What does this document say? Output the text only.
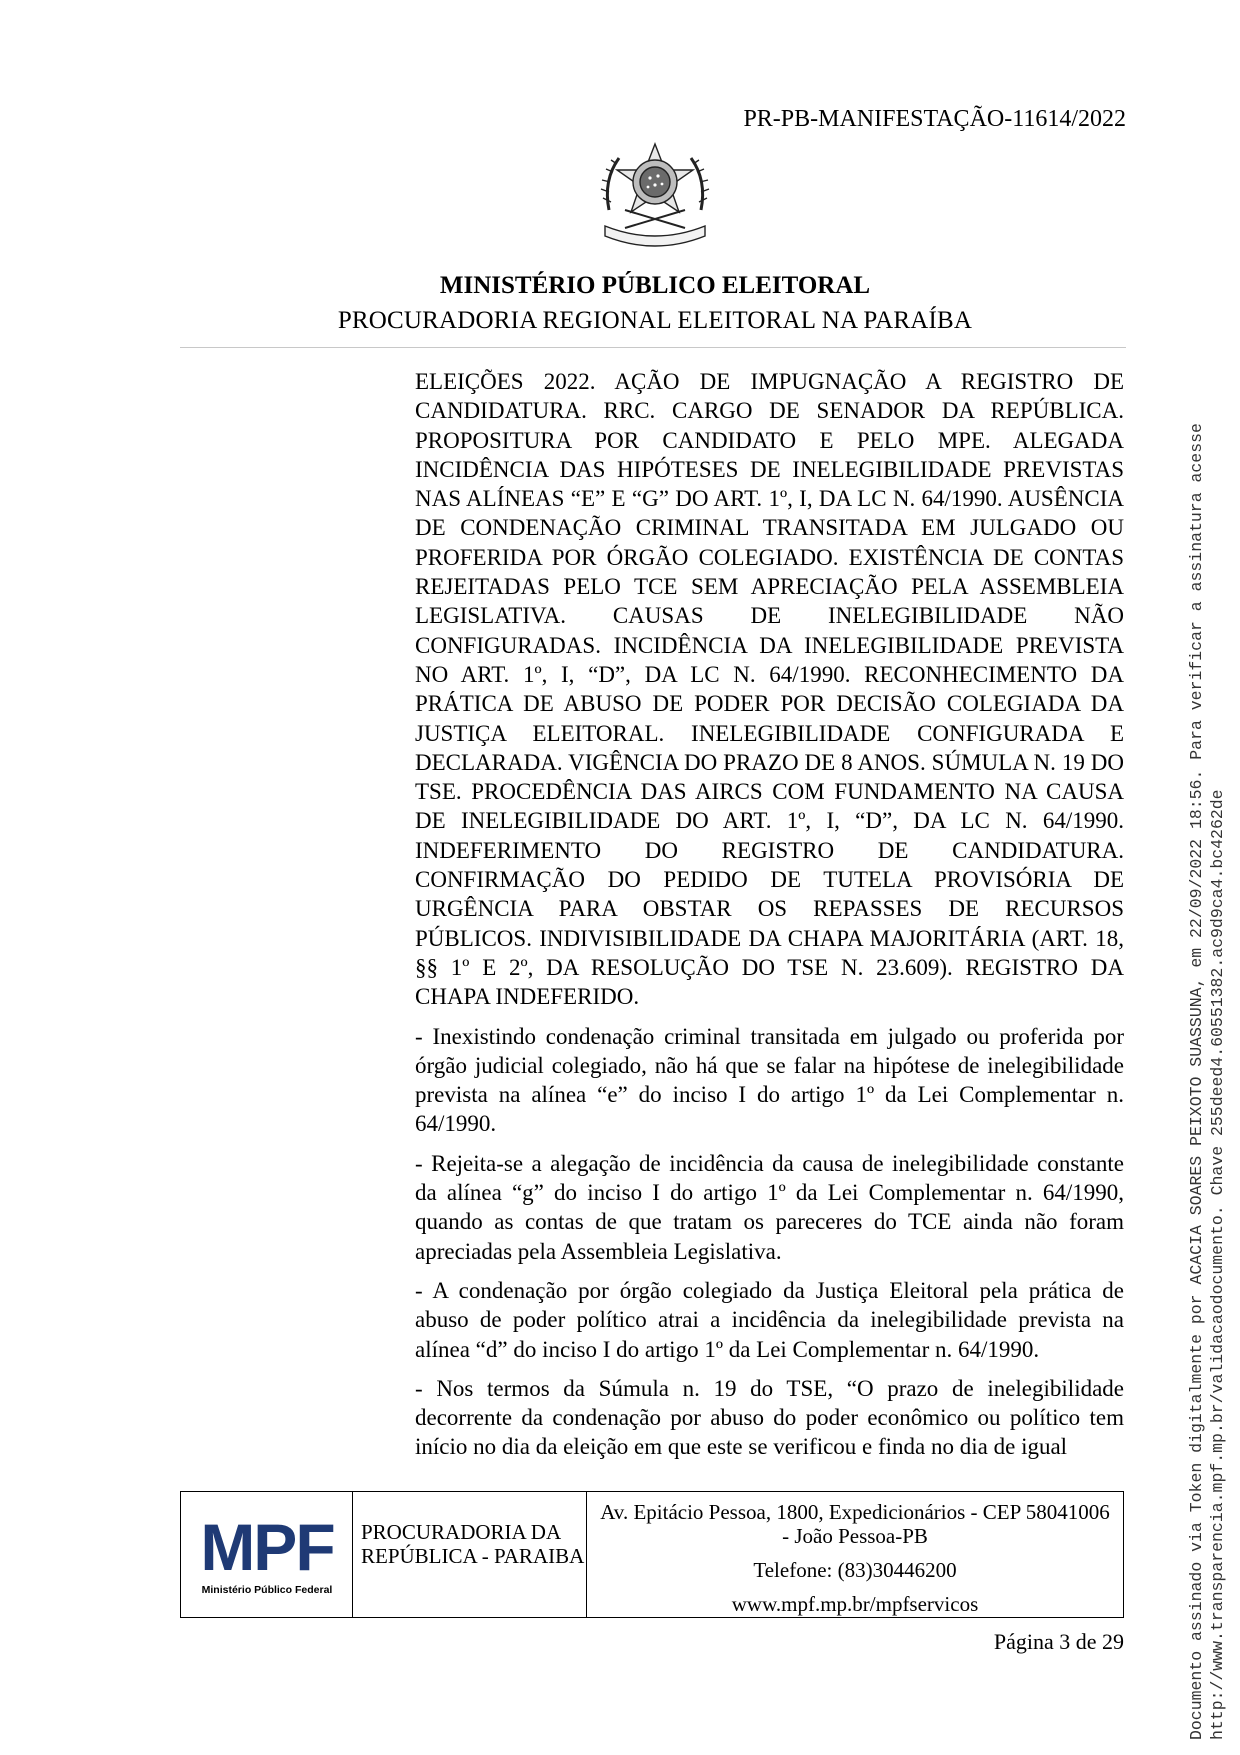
PR-PB-MANIFESTAÇÃO-11614/2022
MINISTÉRIO PÚBLICO ELEITORAL
PROCURADORIA REGIONAL ELEITORAL NA PARAÍBA

ELEIÇÕES 2022. AÇÃO DE IMPUGNAÇÃO A REGISTRO DE CANDIDATURA. RRC. CARGO DE SENADOR DA REPÚBLICA. PROPOSITURA POR CANDIDATO E PELO MPE. ALEGADA INCIDÊNCIA DAS HIPÓTESES DE INELEGIBILIDADE PREVISTAS NAS ALÍNEAS “E” E “G” DO ART. 1º, I, DA LC N. 64/1990. AUSÊNCIA DE CONDENAÇÃO CRIMINAL TRANSITADA EM JULGADO OU PROFERIDA POR ÓRGÃO COLEGIADO. EXISTÊNCIA DE CONTAS REJEITADAS PELO TCE SEM APRECIAÇÃO PELA ASSEMBLEIA LEGISLATIVA. CAUSAS DE INELEGIBILIDADE NÃO CONFIGURADAS. INCIDÊNCIA DA INELEGIBILIDADE PREVISTA NO ART. 1º, I, “D”, DA LC N. 64/1990. RECONHECIMENTO DA PRÁTICA DE ABUSO DE PODER POR DECISÃO COLEGIADA DA JUSTIÇA ELEITORAL. INELEGIBILIDADE CONFIGURADA E DECLARADA. VIGÊNCIA DO PRAZO DE 8 ANOS. SÚMULA N. 19 DO TSE. PROCEDÊNCIA DAS AIRCS COM FUNDAMENTO NA CAUSA DE INELEGIBILIDADE DO ART. 1º, I, “D”, DA LC N. 64/1990. INDEFERIMENTO DO REGISTRO DE CANDIDATURA. CONFIRMAÇÃO DO PEDIDO DE TUTELA PROVISÓRIA DE URGÊNCIA PARA OBSTAR OS REPASSES DE RECURSOS PÚBLICOS. INDIVISIBILIDADE DA CHAPA MAJORITÁRIA (ART. 18, §§ 1º E 2º, DA RESOLUÇÃO DO TSE N. 23.609). REGISTRO DA CHAPA INDEFERIDO.

- Inexistindo condenação criminal transitada em julgado ou proferida por órgão judicial colegiado, não há que se falar na hipótese de inelegibilidade prevista na alínea “e” do inciso I do artigo 1º da Lei Complementar n. 64/1990.

- Rejeita-se a alegação de incidência da causa de inelegibilidade constante da alínea “g” do inciso I do artigo 1º da Lei Complementar n. 64/1990, quando as contas de que tratam os pareceres do TCE ainda não foram apreciadas pela Assembleia Legislativa.

- A condenação por órgão colegiado da Justiça Eleitoral pela prática de abuso de poder político atrai a incidência da inelegibilidade prevista na alínea “d” do inciso I do artigo 1º da Lei Complementar n. 64/1990.

- Nos termos da Súmula n. 19 do TSE, “O prazo de inelegibilidade decorrente da condenação por abuso do poder econômico ou político tem início no dia da eleição em que este se verificou e finda no dia de igual

MPF
Ministério Público Federal
PROCURADORIA DA REPÚBLICA - PARAIBA
Av. Epitácio Pessoa, 1800, Expedicionários - CEP 58041006 - João Pessoa-PB
Telefone: (83)30446200
www.mpf.mp.br/mpfservicos
Página 3 de 29	Documento assinado via Token digitalmente por ACACIA SOARES PEIXOTO SUASSUNA, em 22/09/2022 18:56. Para verificar a assinatura acesse http://www.transparencia.mpf.mp.br/validacaodocumento. Chave 255deed4.60551382.ac9d9ca4.bc4262de
